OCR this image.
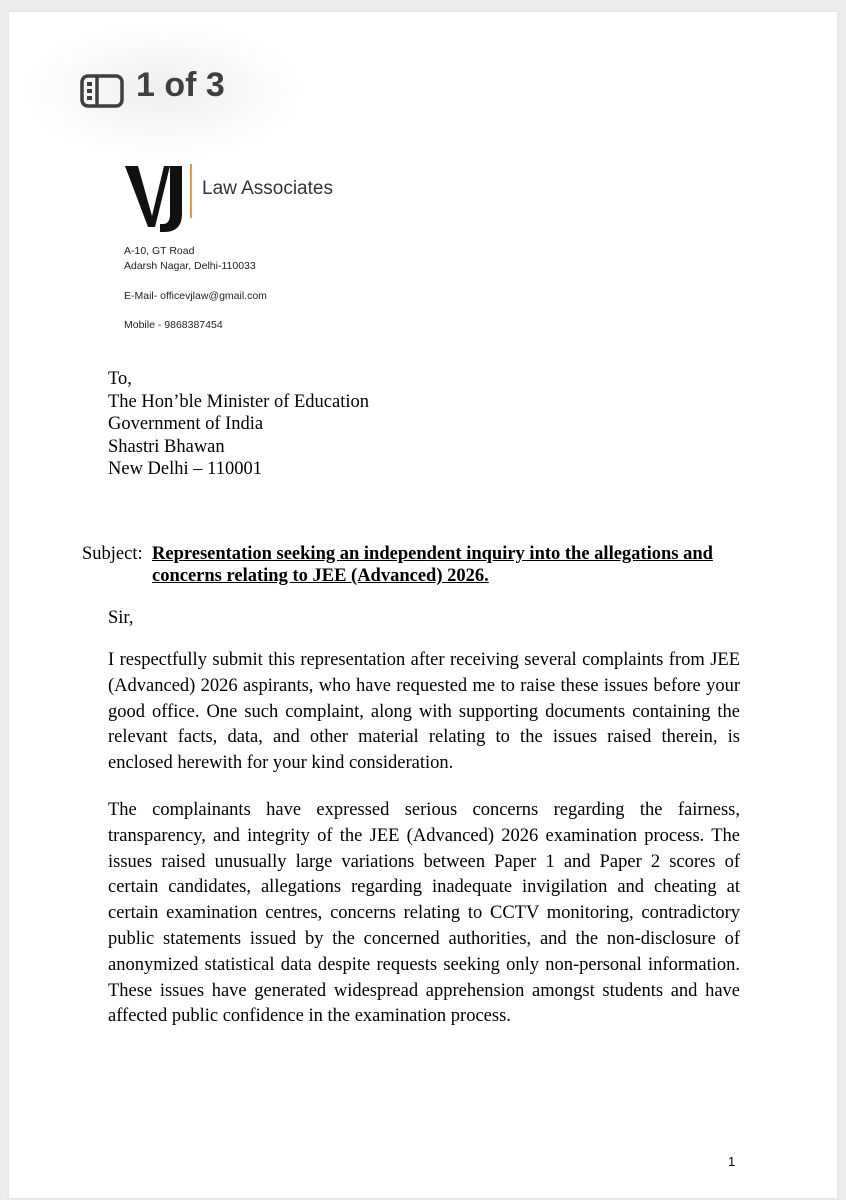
1 of 3
Law Associates
A-10, GT Road
Adarsh Nagar, Delhi-110033
E-Mail- officevjlaw@gmail.com
Mobile - 9868387454
To,
The Hon’ble Minister of Education
Government of India
Shastri Bhawan
New Delhi – 110001
Subject: Representation seeking an independent inquiry into the allegations and concerns relating to JEE (Advanced) 2026.
Sir,
I respectfully submit this representation after receiving several complaints from JEE (Advanced) 2026 aspirants, who have requested me to raise these issues before your good office. One such complaint, along with supporting documents containing the relevant facts, data, and other material relating to the issues raised therein, is enclosed herewith for your kind consideration.
The complainants have expressed serious concerns regarding the fairness, transparency, and integrity of the JEE (Advanced) 2026 examination process. The issues raised unusually large variations between Paper 1 and Paper 2 scores of certain candidates, allegations regarding inadequate invigilation and cheating at certain examination centres, concerns relating to CCTV monitoring, contradictory public statements issued by the concerned authorities, and the non-disclosure of anonymized statistical data despite requests seeking only non-personal information. These issues have generated widespread apprehension amongst students and have affected public confidence in the examination process.
1
